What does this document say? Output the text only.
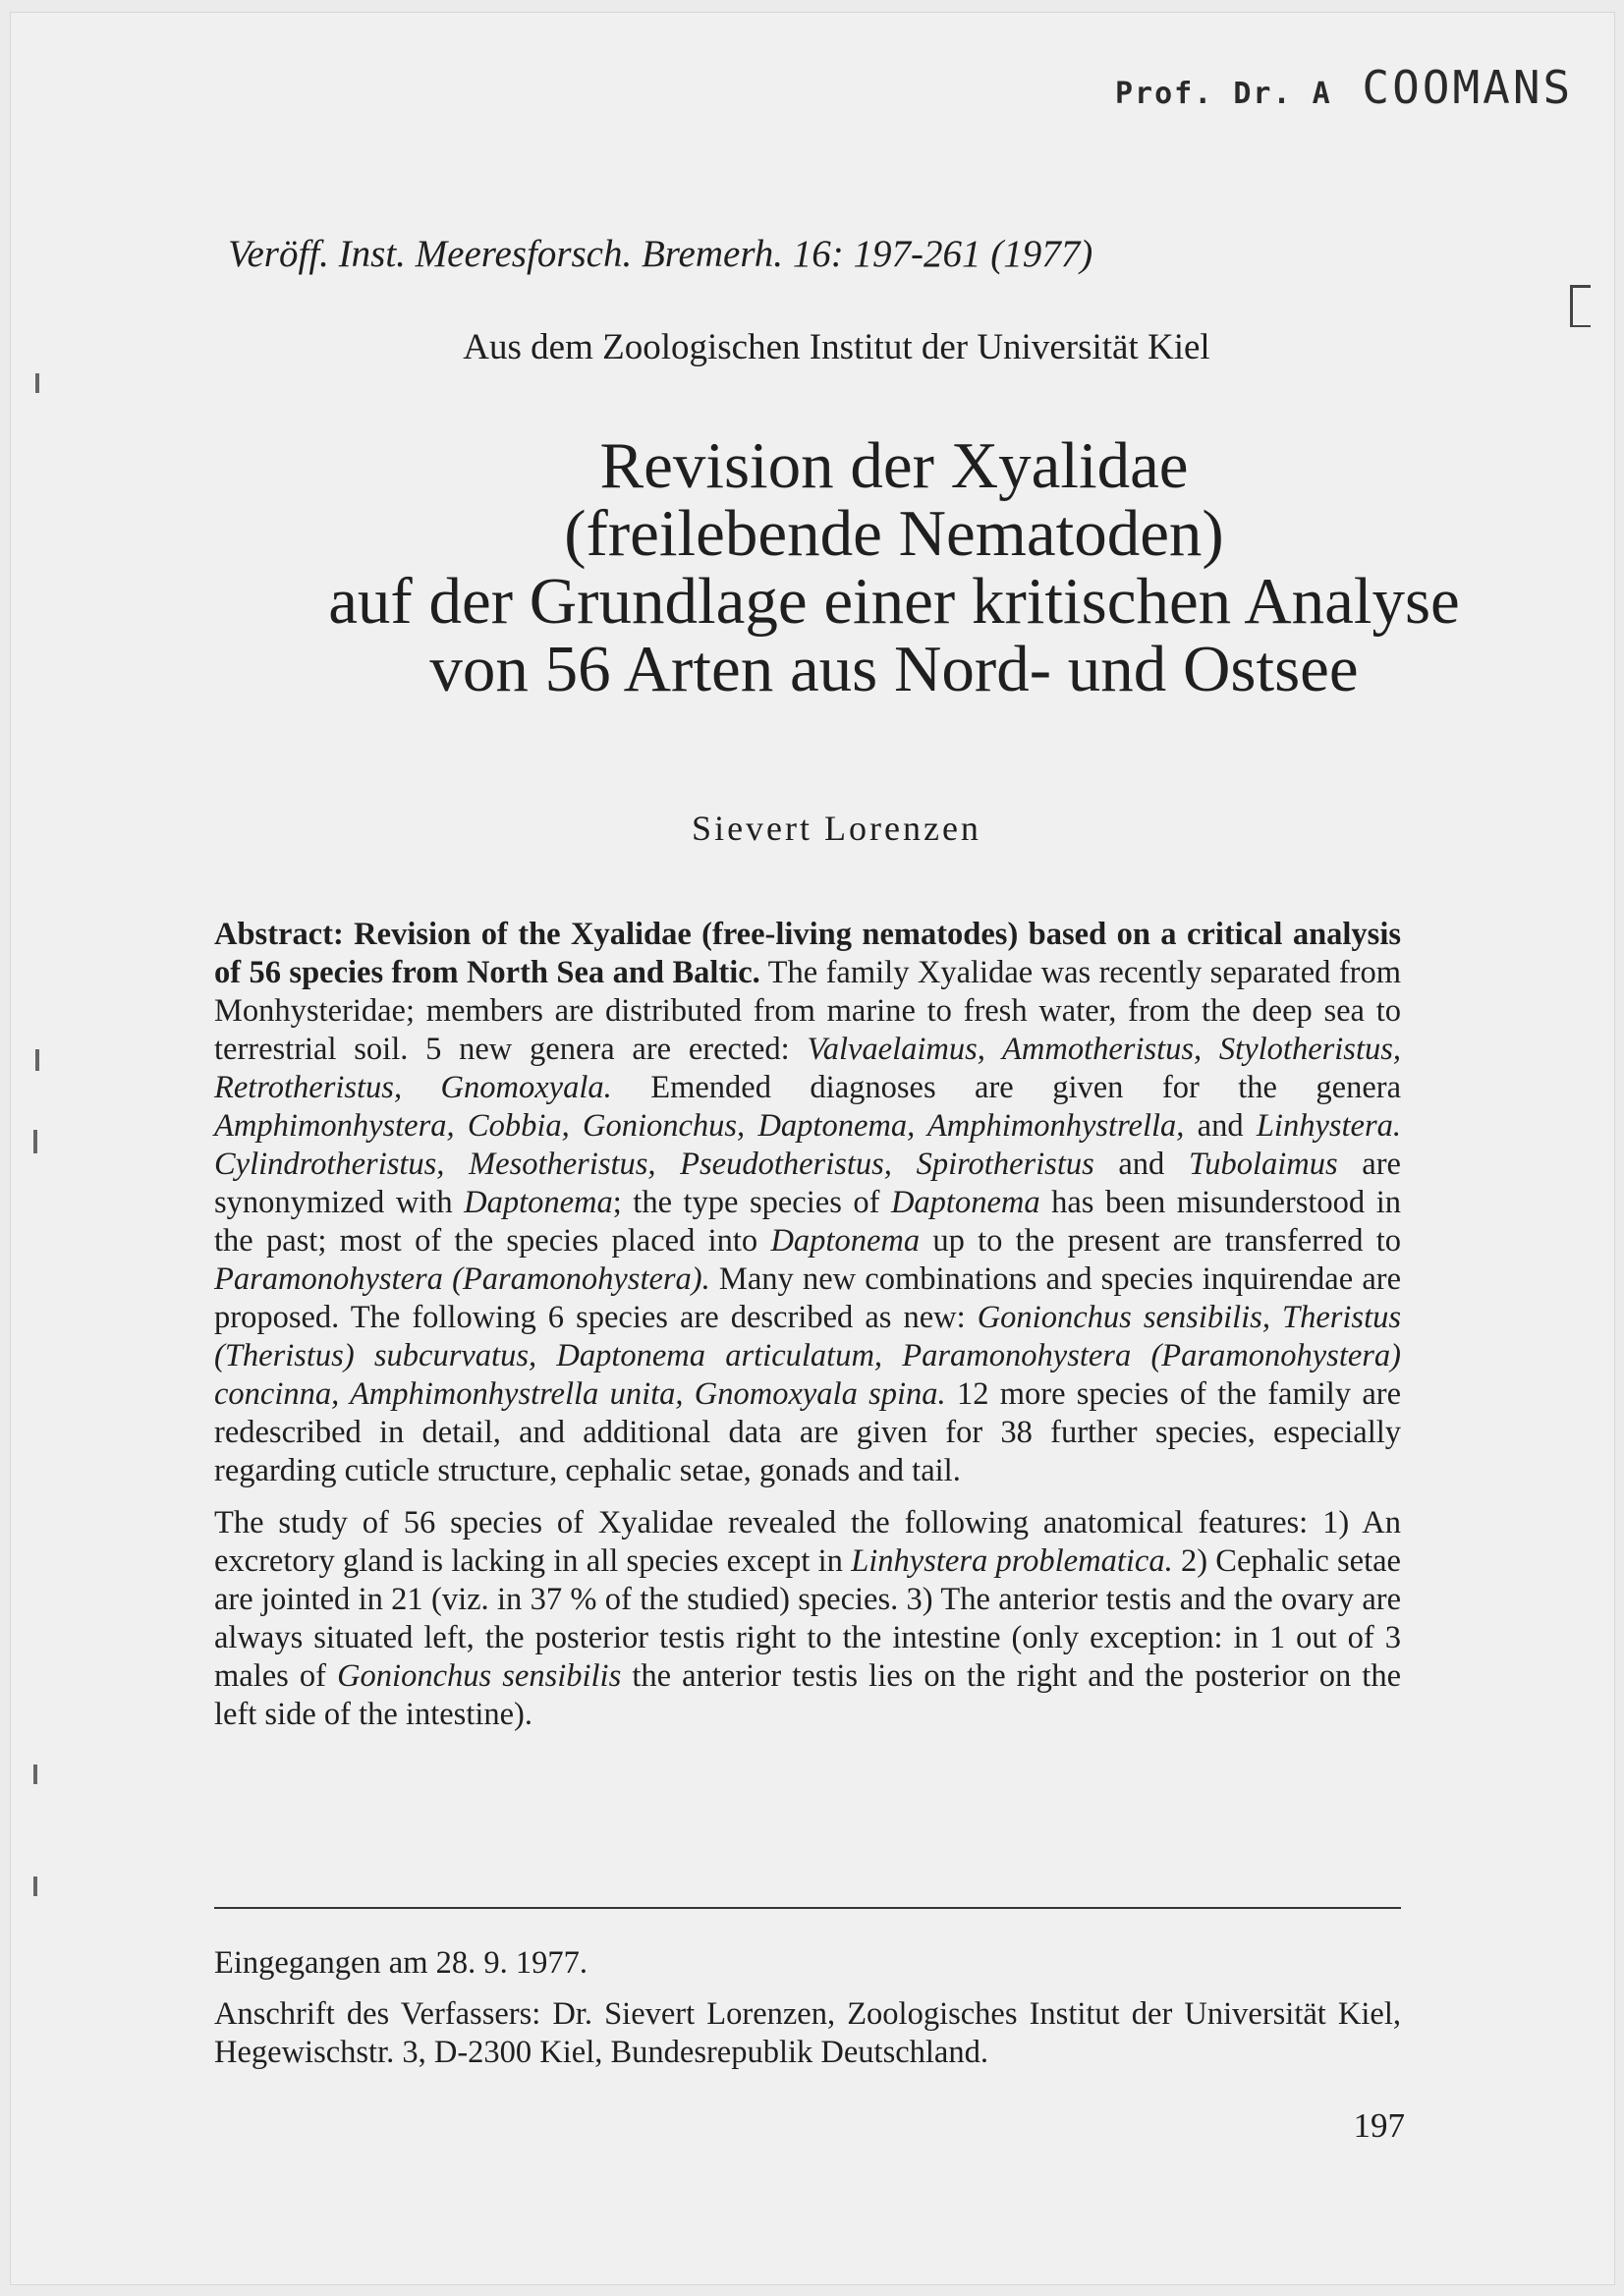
Prof. Dr. A COOMANS
Veröff. Inst. Meeresforsch. Bremerh. 16: 197-261 (1977)
Aus dem Zoologischen Institut der Universität Kiel
Revision der Xyalidae
(freilebende Nematoden)
auf der Grundlage einer kritischen Analyse
von 56 Arten aus Nord- und Ostsee
Sievert Lorenzen

Abstract: Revision of the Xyalidae (free-living nematodes) based on a critical analysis of 56 species from North Sea and Baltic. The family Xyalidae was recently separated from Monhysteridae; members are distributed from marine to fresh water, from the deep sea to terrestrial soil. 5 new genera are erected: Valvaelaimus, Ammotheristus, Stylotheristus, Retrotheristus, Gnomoxyala. Emended diagnoses are given for the genera Amphimonhystera, Cobbia, Gonionchus, Daptonema, Amphimonhystrella, and Linhystera. Cylindrotheristus, Mesotheristus, Pseudotheristus, Spirotheristus and Tubolaimus are synonymized with Daptonema; the type species of Daptonema has been misunderstood in the past; most of the species placed into Daptonema up to the present are transferred to Paramonohystera (Paramonohystera). Many new combinations and species inquirendae are proposed. The following 6 species are described as new: Gonionchus sensibilis, Theristus (Theristus) subcurvatus, Daptonema articulatum, Paramonohystera (Paramonohystera) concinna, Amphimonhystrella unita, Gnomoxyala spina. 12 more species of the family are redescribed in detail, and additional data are given for 38 further species, especially regarding cuticle structure, cephalic setae, gonads and tail.

The study of 56 species of Xyalidae revealed the following anatomical features: 1) An excretory gland is lacking in all species except in Linhystera problematica. 2) Cephalic setae are jointed in 21 (viz. in 37 % of the studied) species. 3) The anterior testis and the ovary are always situated left, the posterior testis right to the intestine (only exception: in 1 out of 3 males of Gonionchus sensibilis the anterior testis lies on the right and the posterior on the left side of the intestine).

Eingegangen am 28. 9. 1977.
Anschrift des Verfassers: Dr. Sievert Lorenzen, Zoologisches Institut der Universität Kiel, Hegewischstr. 3, D-2300 Kiel, Bundesrepublik Deutschland.
197
